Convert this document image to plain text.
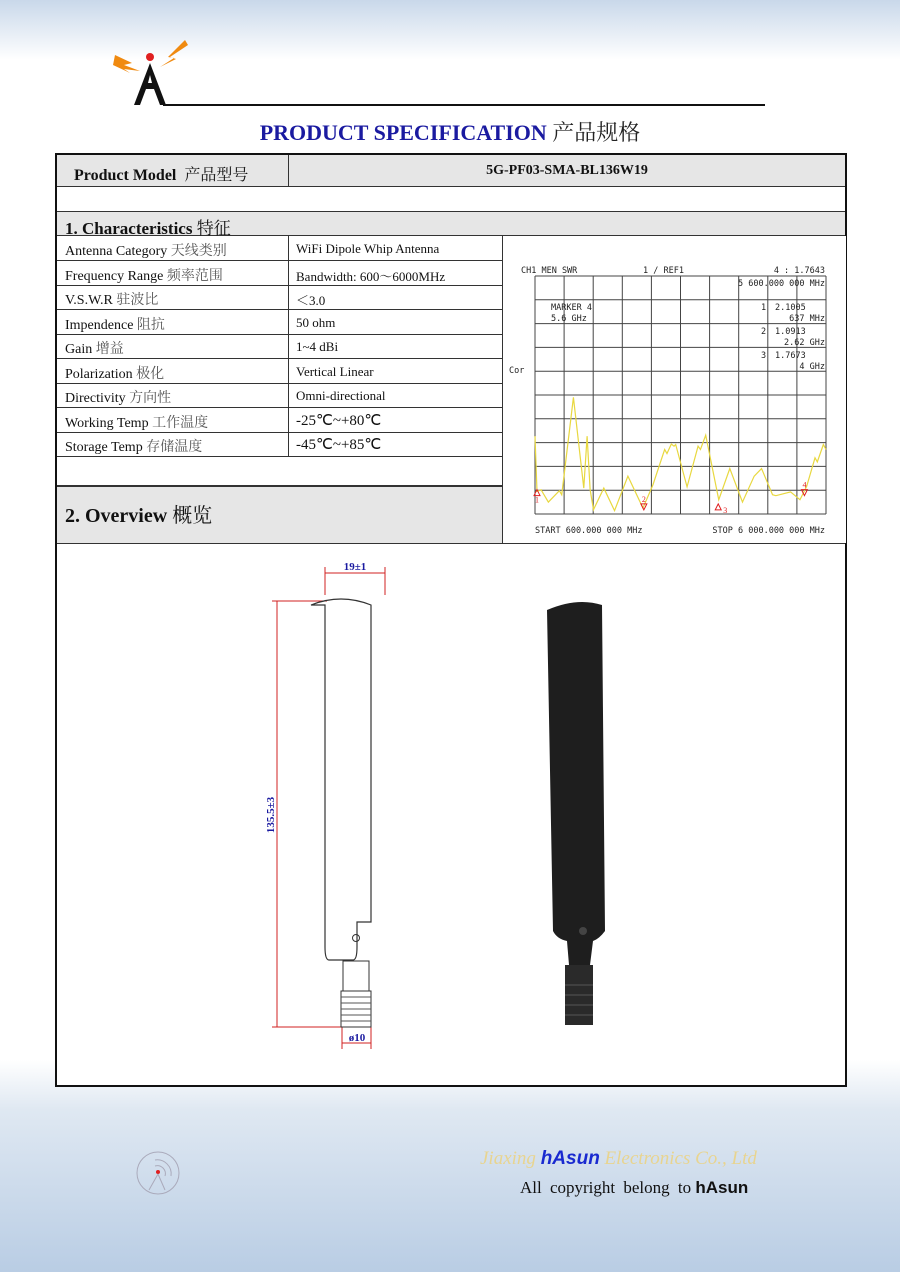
PRODUCT SPECIFICATION 产品规格
Product Model 产品型号	5G-PF03-SMA-BL136W19
1. Characteristics 特征
Antenna Category 天线类别	WiFi Dipole Whip Antenna
Frequency Range 频率范围	Bandwidth: 600～6000MHz
V.S.W.R 驻波比	＜3.0
Impendence 阻抗	50 ohm
Gain 增益	1~4 dBi
Polarization 极化	Vertical Linear
Directivity 方向性	Omni-directional
Working Temp 工作温度	-25℃~+80℃
Storage Temp 存储温度	-45℃~+85℃
2. Overview 概览
CH1 MEN SWR	1 / REF1	4 : 1.7643
5 600.000 000 MHz
MARKER 4
5.6 GHz
Cor
START 600.000 000 MHz	STOP 6 000.000 000 MHz
1 2.1005
637 MHz
2 1.0913
2.62 GHz
3 1.7673
4 GHz
1	2
3
4
19±1
135.5±3
ø10
Jiaxing hAsun Electronics Co., Ltd
All copyright belong to hAsun
